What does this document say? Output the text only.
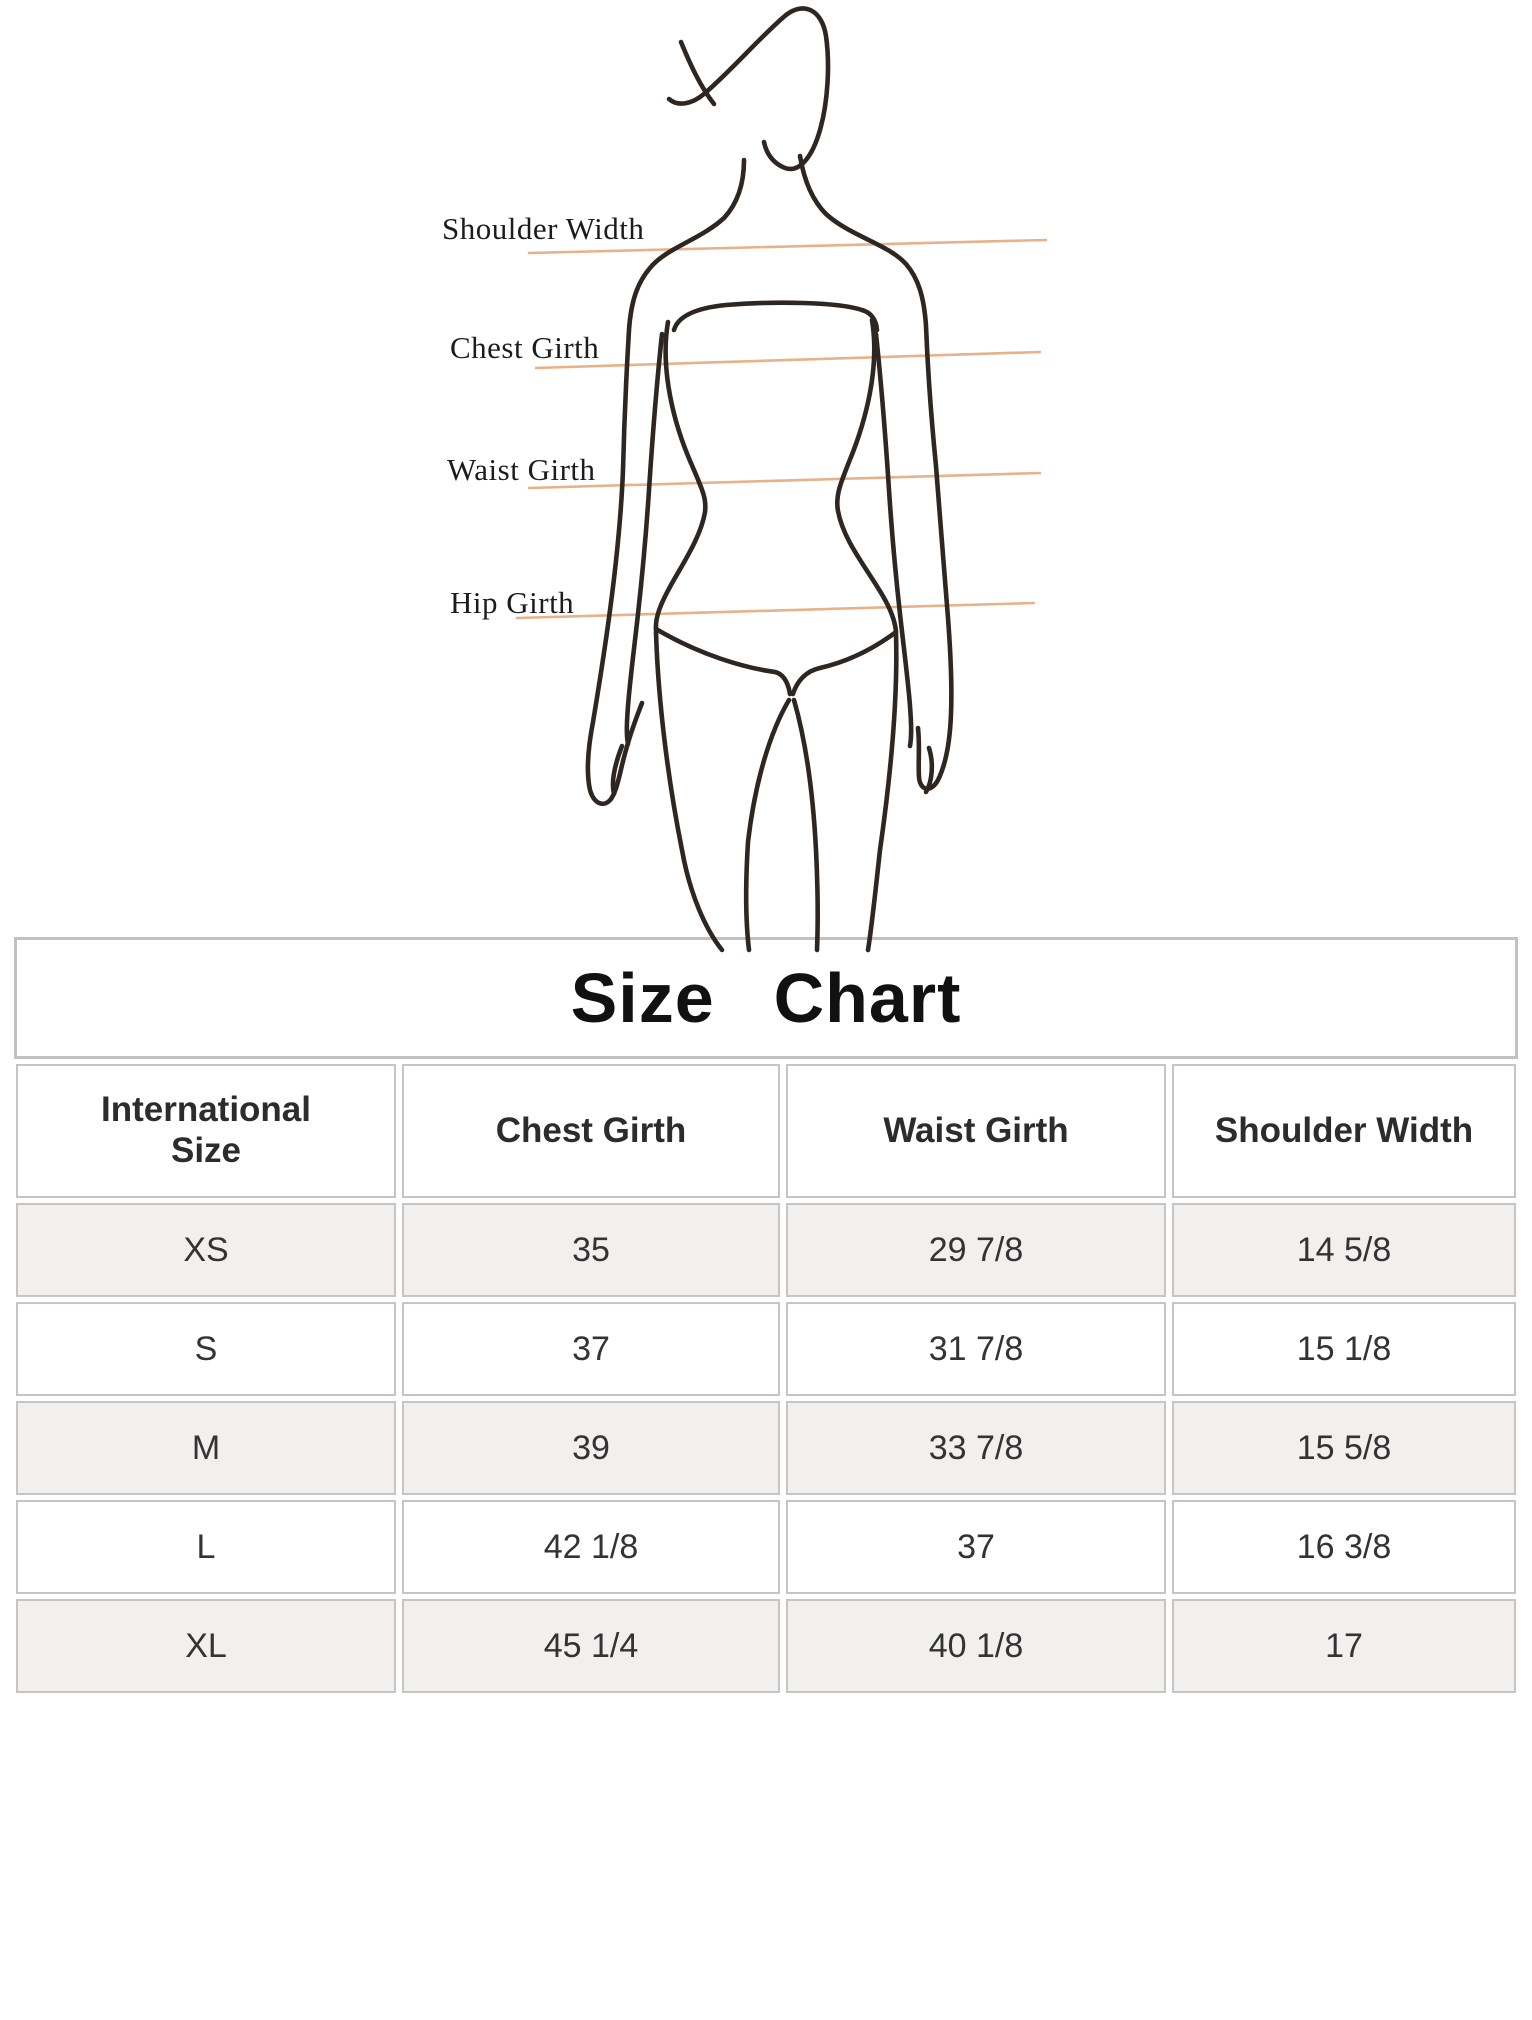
Shoulder Width
Chest Girth
Waist Girth
Hip Girth
Size Chart
International Size	Chest Girth	Waist Girth	Shoulder Width

XS	35	29 7/8	14 5/8
S	37	31 7/8	15 1/8
M	39	33 7/8	15 5/8
L	42 1/8	37	16 3/8
XL	45 1/4	40 1/8	17
